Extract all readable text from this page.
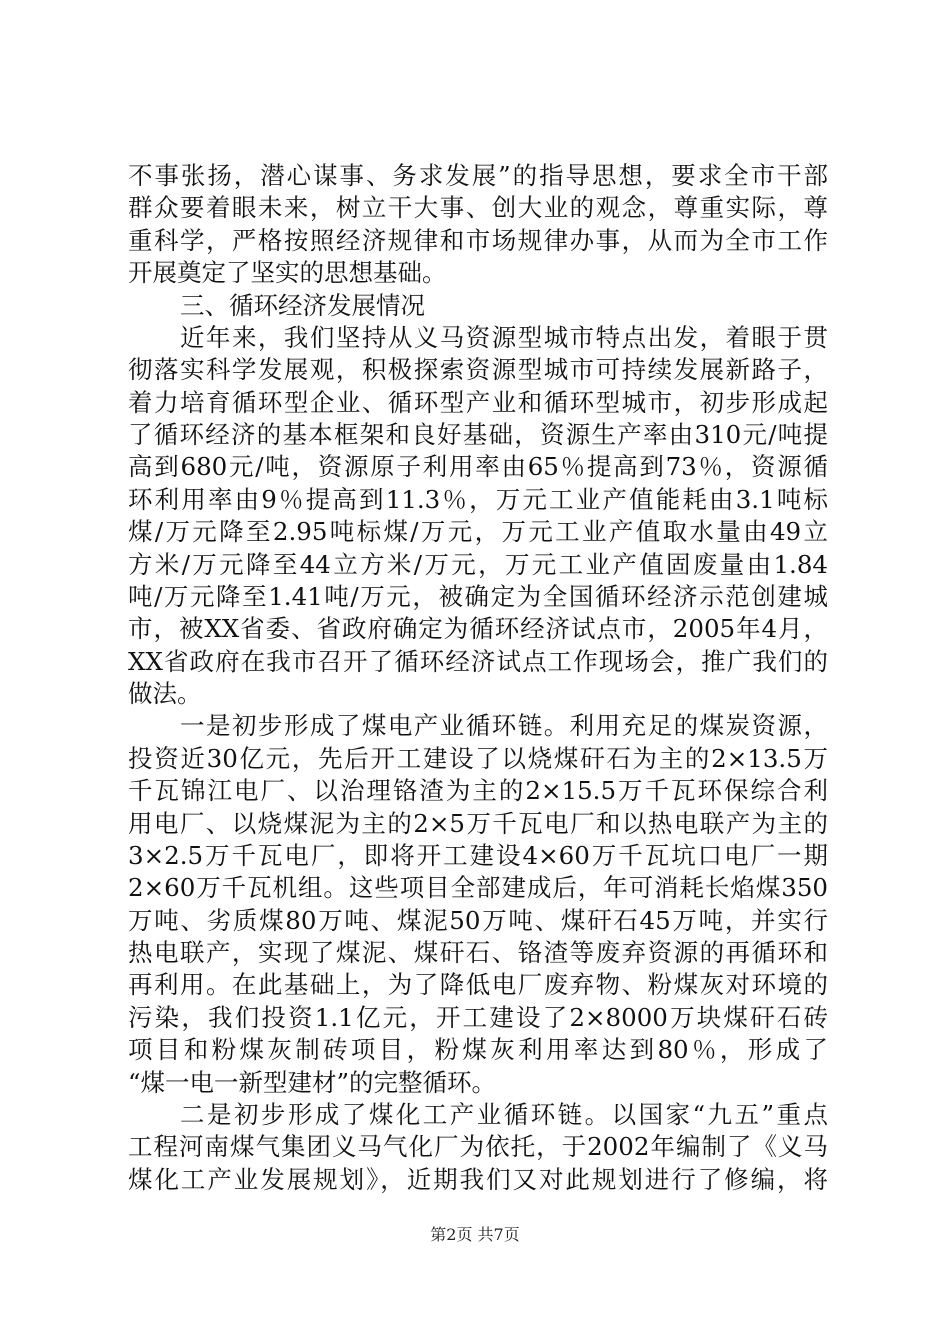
不事张扬，潜心谋事、务求发展”的指导思想，要求全市干部
群众要着眼未来，树立干大事、创大业的观念，尊重实际，尊
重科学，严格按照经济规律和市场规律办事，从而为全市工作
开展奠定了坚实的思想基础。
三、循环经济发展情况
近年来，我们坚持从义马资源型城市特点出发，着眼于贯
彻落实科学发展观，积极探索资源型城市可持续发展新路子，
着力培育循环型企业、循环型产业和循环型城市，初步形成起
了循环经济的基本框架和良好基础，资源生产率由310元/吨提
高到680元/吨，资源原子利用率由65％提高到73％，资源循
环利用率由9％提高到11.3％，万元工业产值能耗由3.1吨标
煤/万元降至2.95吨标煤/万元，万元工业产值取水量由49立
方米/万元降至44立方米/万元，万元工业产值固废量由1.84
吨/万元降至1.41吨/万元，被确定为全国循环经济示范创建城
市，被XX省委、省政府确定为循环经济试点市，2005年4月，
XX省政府在我市召开了循环经济试点工作现场会，推广我们的
做法。
一是初步形成了煤电产业循环链。利用充足的煤炭资源，
投资近30亿元，先后开工建设了以烧煤矸石为主的2×13.5万
千瓦锦江电厂、以治理铬渣为主的2×15.5万千瓦环保综合利
用电厂、以烧煤泥为主的2×5万千瓦电厂和以热电联产为主的
3×2.5万千瓦电厂，即将开工建设4×60万千瓦坑口电厂一期
2×60万千瓦机组。这些项目全部建成后，年可消耗长焰煤350
万吨、劣质煤80万吨、煤泥50万吨、煤矸石45万吨，并实行
热电联产，实现了煤泥、煤矸石、铬渣等废弃资源的再循环和
再利用。在此基础上，为了降低电厂废弃物、粉煤灰对环境的
污染，我们投资1.1亿元，开工建设了2×8000万块煤矸石砖
项目和粉煤灰制砖项目，粉煤灰利用率达到80％，形成了
“煤一电一新型建材”的完整循环。
二是初步形成了煤化工产业循环链。以国家“九五”重点
工程河南煤气集团义马气化厂为依托，于2002年编制了《义马
煤化工产业发展规划》，近期我们又对此规划进行了修编，将
第2页 共7页
